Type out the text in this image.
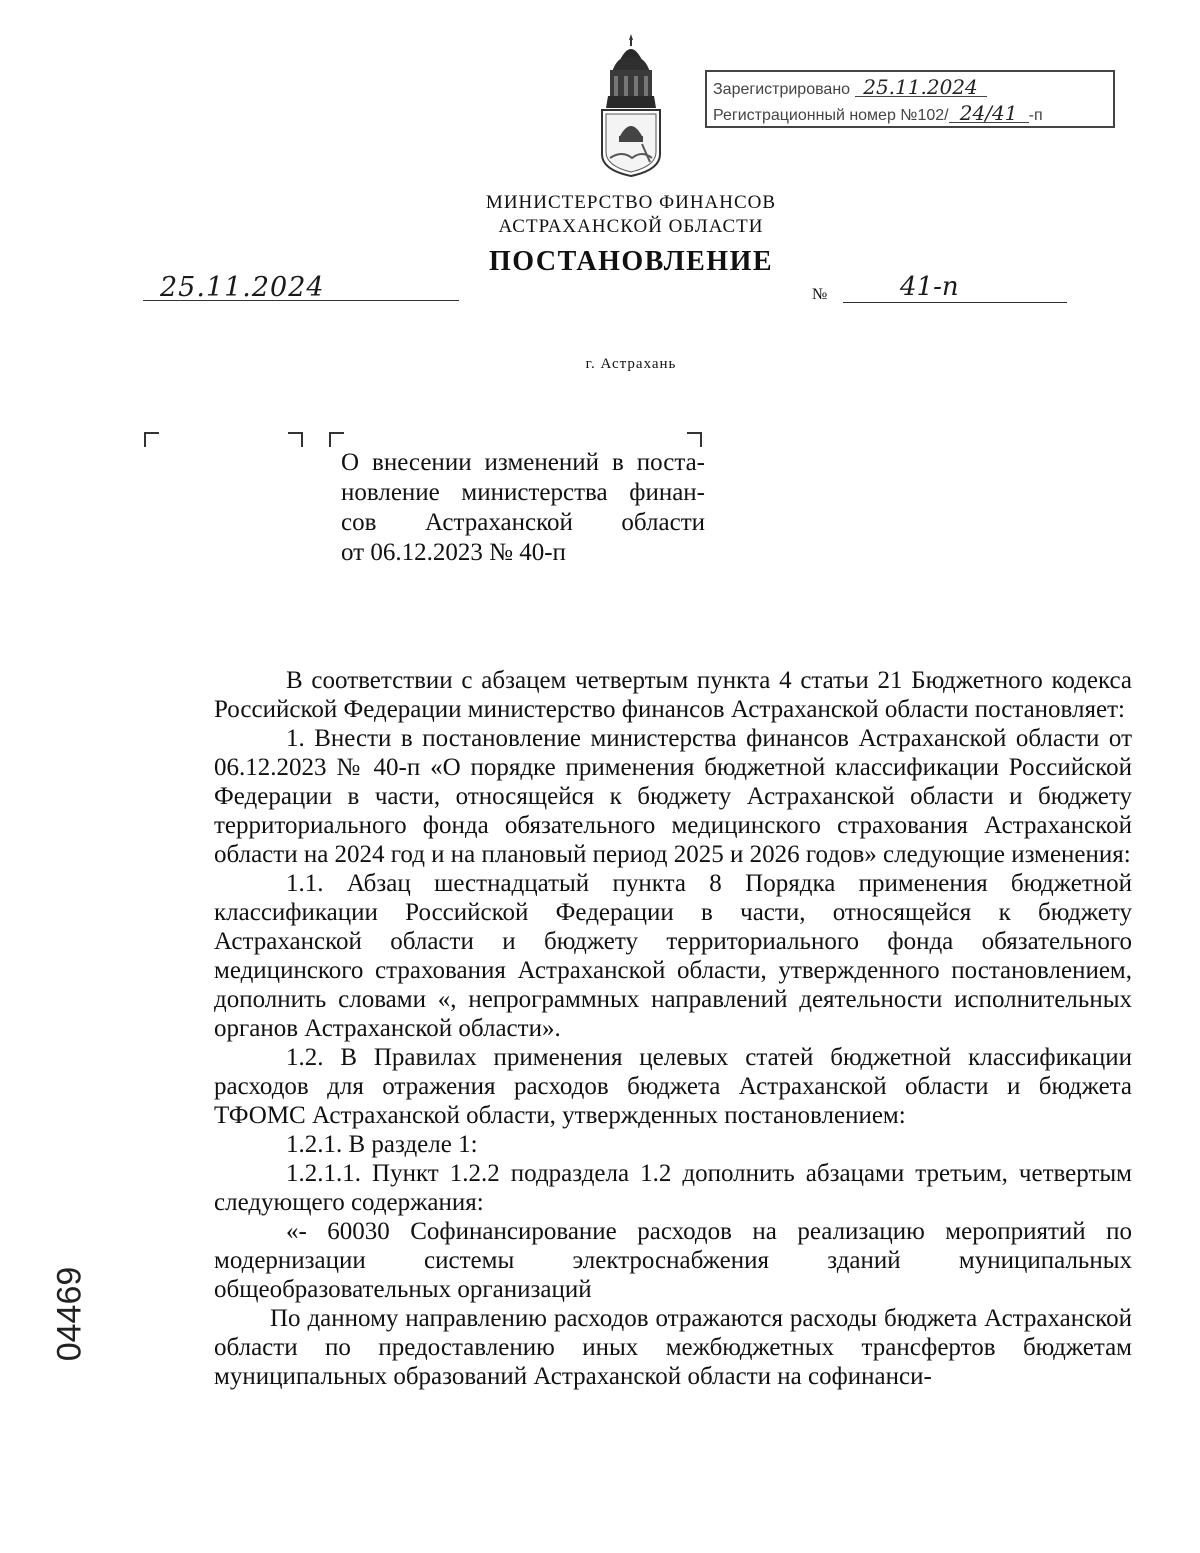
Зарегистрировано 25.11.2024
Регистрационный номер №102/ 24/41 -п
МИНИСТЕРСТВО ФИНАНСОВ
АСТРАХАНСКОЙ ОБЛАСТИ
ПОСТАНОВЛЕНИЕ
25.11.2024	№	41-п
г. Астрахань
О внесении изменений в поста-
новление министерства финан-
сов Астраханской области
от 06.12.2023 № 40-п

В соответствии с абзацем четвертым пункта 4 статьи 21 Бюджетного кодекса Российской Федерации министерство финансов Астраханской области постановляет:

1. Внести в постановление министерства финансов Астраханской области от 06.12.2023 № 40-п «О порядке применения бюджетной классификации Российской Федерации в части, относящейся к бюджету Астраханской области и бюджету территориального фонда обязательного медицинского страхования Астраханской области на 2024 год и на плановый период 2025 и 2026 годов» следующие изменения:

1.1. Абзац шестнадцатый пункта 8 Порядка применения бюджетной классификации Российской Федерации в части, относящейся к бюджету Астраханской области и бюджету территориального фонда обязательного медицинского страхования Астраханской области, утвержденного постановлением, дополнить словами «, непрограммных направлений деятельности исполнительных органов Астраханской области».

1.2. В Правилах применения целевых статей бюджетной классификации расходов для отражения расходов бюджета Астраханской области и бюджета ТФОМС Астраханской области, утвержденных постановлением:

1.2.1. В разделе 1:

1.2.1.1. Пункт 1.2.2 подраздела 1.2 дополнить абзацами третьим, четвертым следующего содержания:

«- 60030 Софинансирование расходов на реализацию мероприятий по модернизации системы электроснабжения зданий муниципальных общеобразовательных организаций

По данному направлению расходов отражаются расходы бюджета Астраханской области по предоставлению иных межбюджетных трансфертов бюджетам муниципальных образований Астраханской области на софинанси-

04469
